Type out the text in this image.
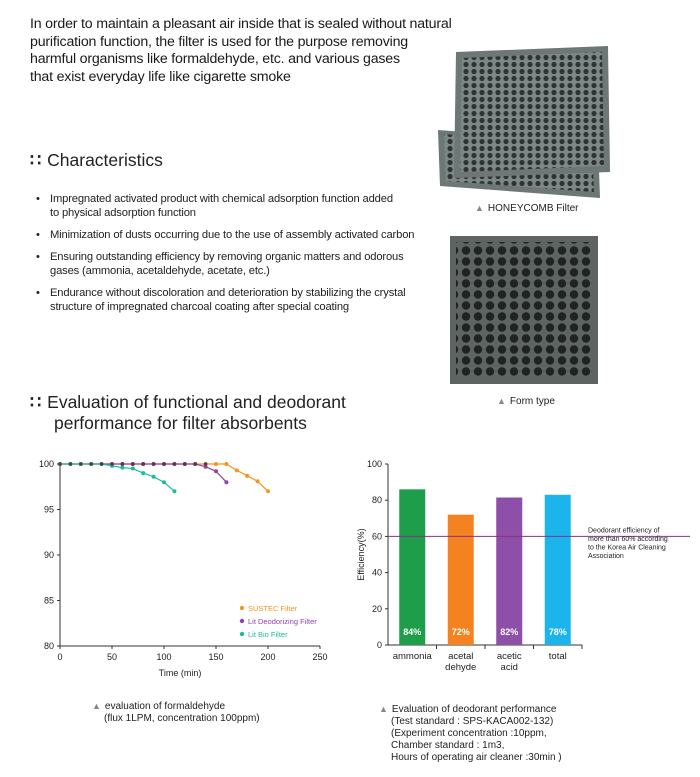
In order to maintain a pleasant air inside that is sealed without natural
purification function, the filter is used for the purpose removing
harmful organisms like formaldehyde, etc. and various gases
that exist everyday life like cigarette smoke
∷ Characteristics
• Impregnated activated product with chemical adsorption function added
to physical adsorption function
• Minimization of dusts occurring due to the use of assembly activated carbon
• Ensuring outstanding efficiency by removing organic matters and odorous
gases (ammonia, acetaldehyde, acetate, etc.)
• Endurance without discoloration and deterioration by stabilizing the crystal
structure of impregnated charcoal coating after special coating
▲ HONEYCOMB Filter
▲ Form type
∷ Evaluation of functional and deodorant
performance for filter absorbents
80
85
90
95
100
0	50	100	150	200	250
Time (min)
SUSTEC Filter
Lit Deodorizing Filter
Lit Bio Filter
▲ evaluation of formaldehyde
(flux 1LPM, concentration 100ppm)
0
20
40
60
80
100
Efficiency(%)
84%
ammonia
72%
acetal
dehyde
82%
acetic
acid
78%
total
Deodorant efficiency of
more than 60% according
to the Korea Air Cleaning
Association
▲ Evaluation of deodorant performance
(Test standard : SPS-KACA002-132)
(Experiment concentration :10ppm,
Chamber standard : 1m3,
Hours of operating air cleaner :30min )
